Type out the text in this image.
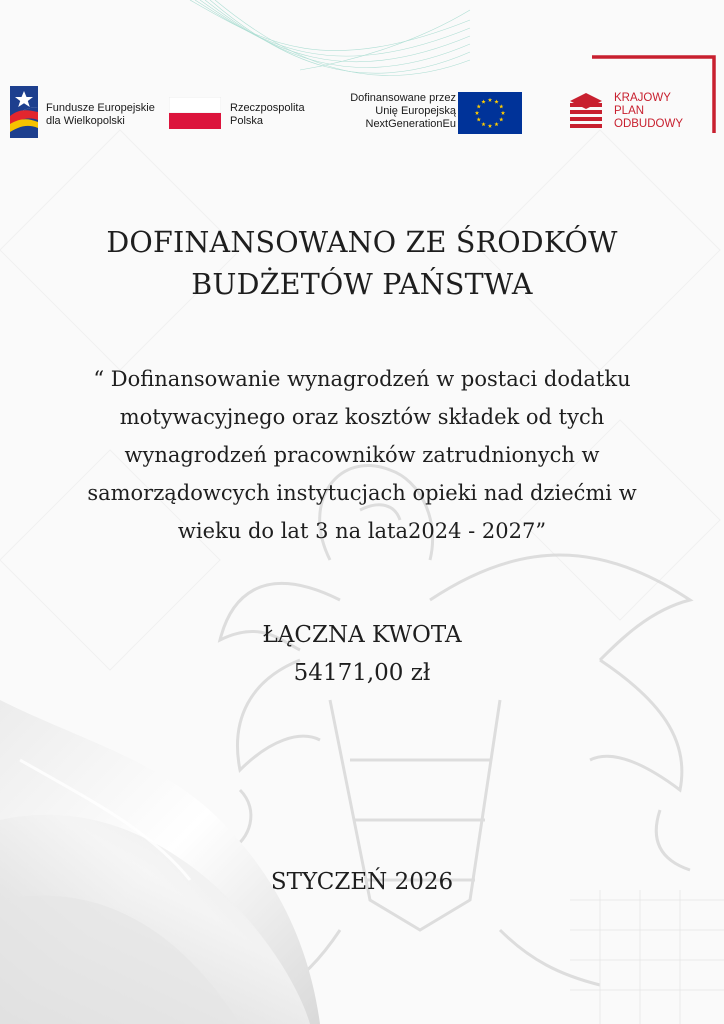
Fundusze Europejskie
dla Wielkopolski
Rzeczpospolita
Polska
Dofinansowane przez
Unię Europejską
NextGenerationEu
KRAJOWY
PLAN
ODBUDOWY
DOFINANSOWANO ZE ŚRODKÓW
BUDŻETÓW PAŃSTWA
“ Dofinansowanie wynagrodzeń w postaci dodatku
motywacyjnego oraz kosztów składek od tych
wynagrodzeń pracowników zatrudnionych w
samorządowcych instytucjach opieki nad dziećmi w
wieku do lat 3 na lata2024 - 2027”
ŁĄCZNA KWOTA
54171,00 zł
STYCZEŃ 2026
